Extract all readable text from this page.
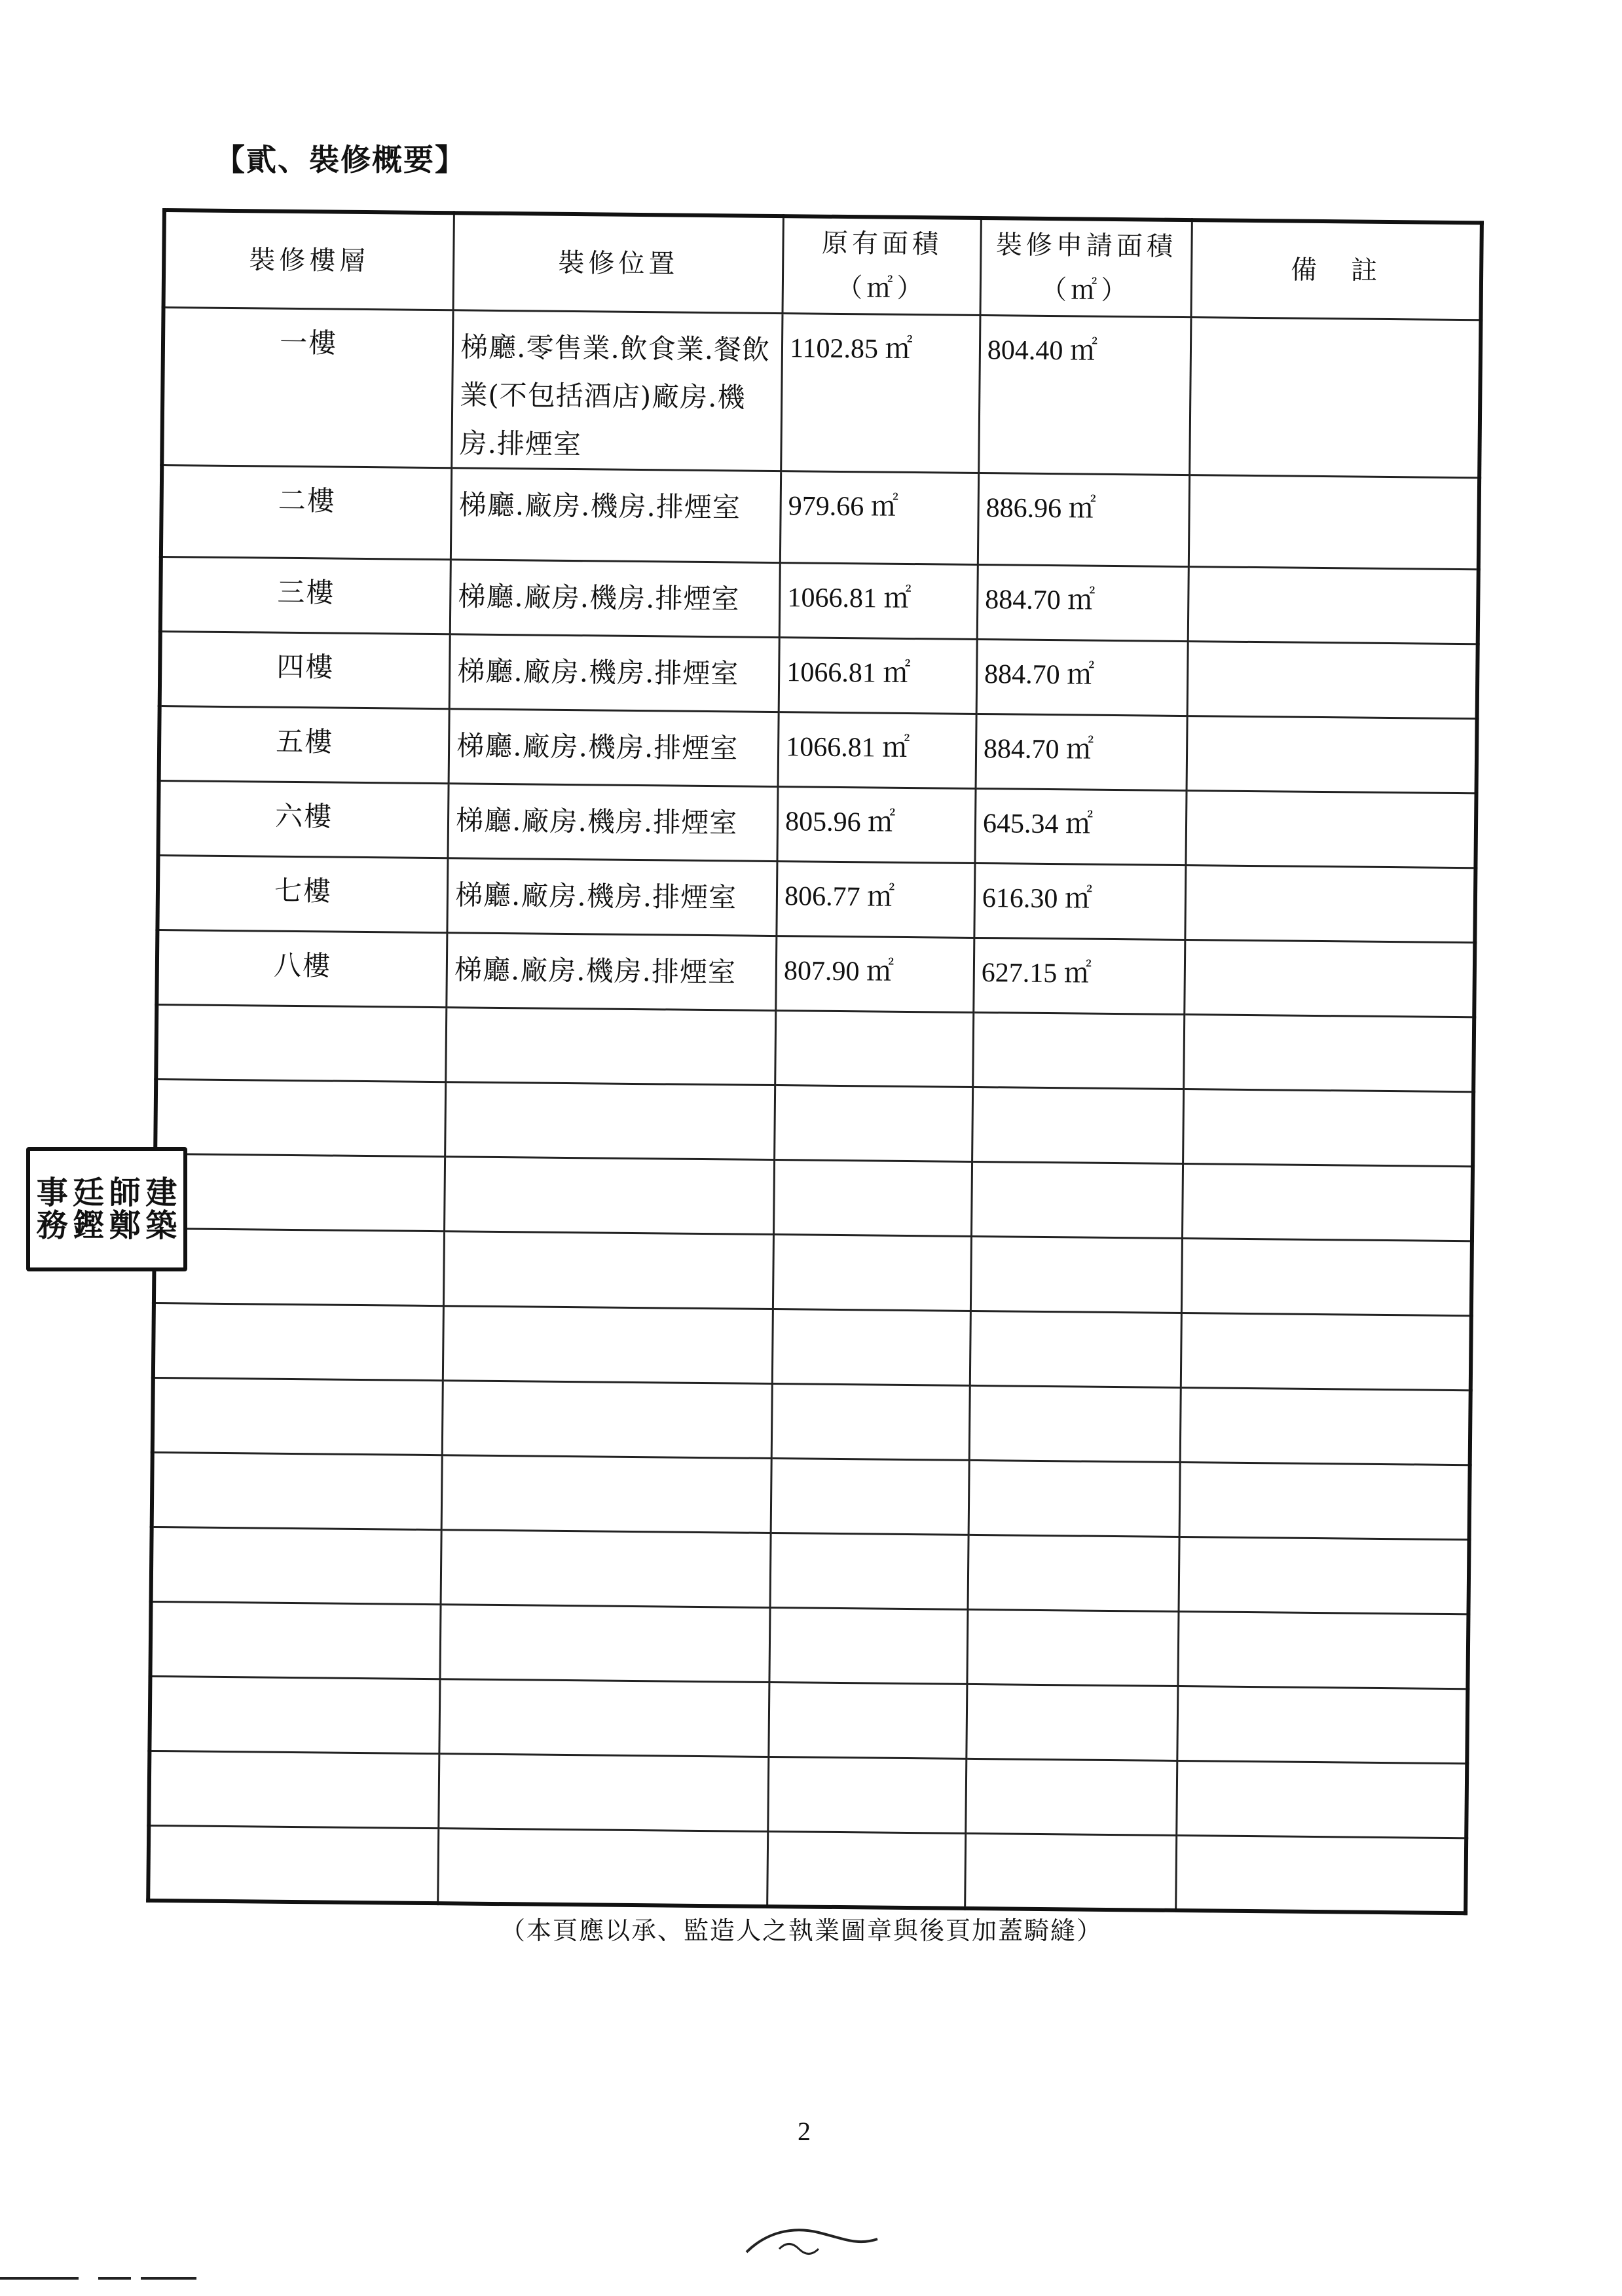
【貳、裝修概要】
裝修樓層	裝修位置	原有面積（㎡）	裝修申請面積（㎡）	備　註
一樓	梯廳.零售業.飲食業.餐飲業(不包括酒店)廠房.機房.排煙室	1102.85 ㎡	804.40 ㎡	
二樓	梯廳.廠房.機房.排煙室	979.66 ㎡	886.96 ㎡	
三樓	梯廳.廠房.機房.排煙室	1066.81 ㎡	884.70 ㎡	
四樓	梯廳.廠房.機房.排煙室	1066.81 ㎡	884.70 ㎡	
五樓	梯廳.廠房.機房.排煙室	1066.81 ㎡	884.70 ㎡	
六樓	梯廳.廠房.機房.排煙室	805.96 ㎡	645.34 ㎡	
七樓	梯廳.廠房.機房.排煙室	806.77 ㎡	616.30 ㎡	
八樓	梯廳.廠房.機房.排煙室	807.90 ㎡	627.15 ㎡	

建
築
師
鄭
廷
鏗
事
務
（本頁應以承、監造人之執業圖章與後頁加蓋騎縫）
2
